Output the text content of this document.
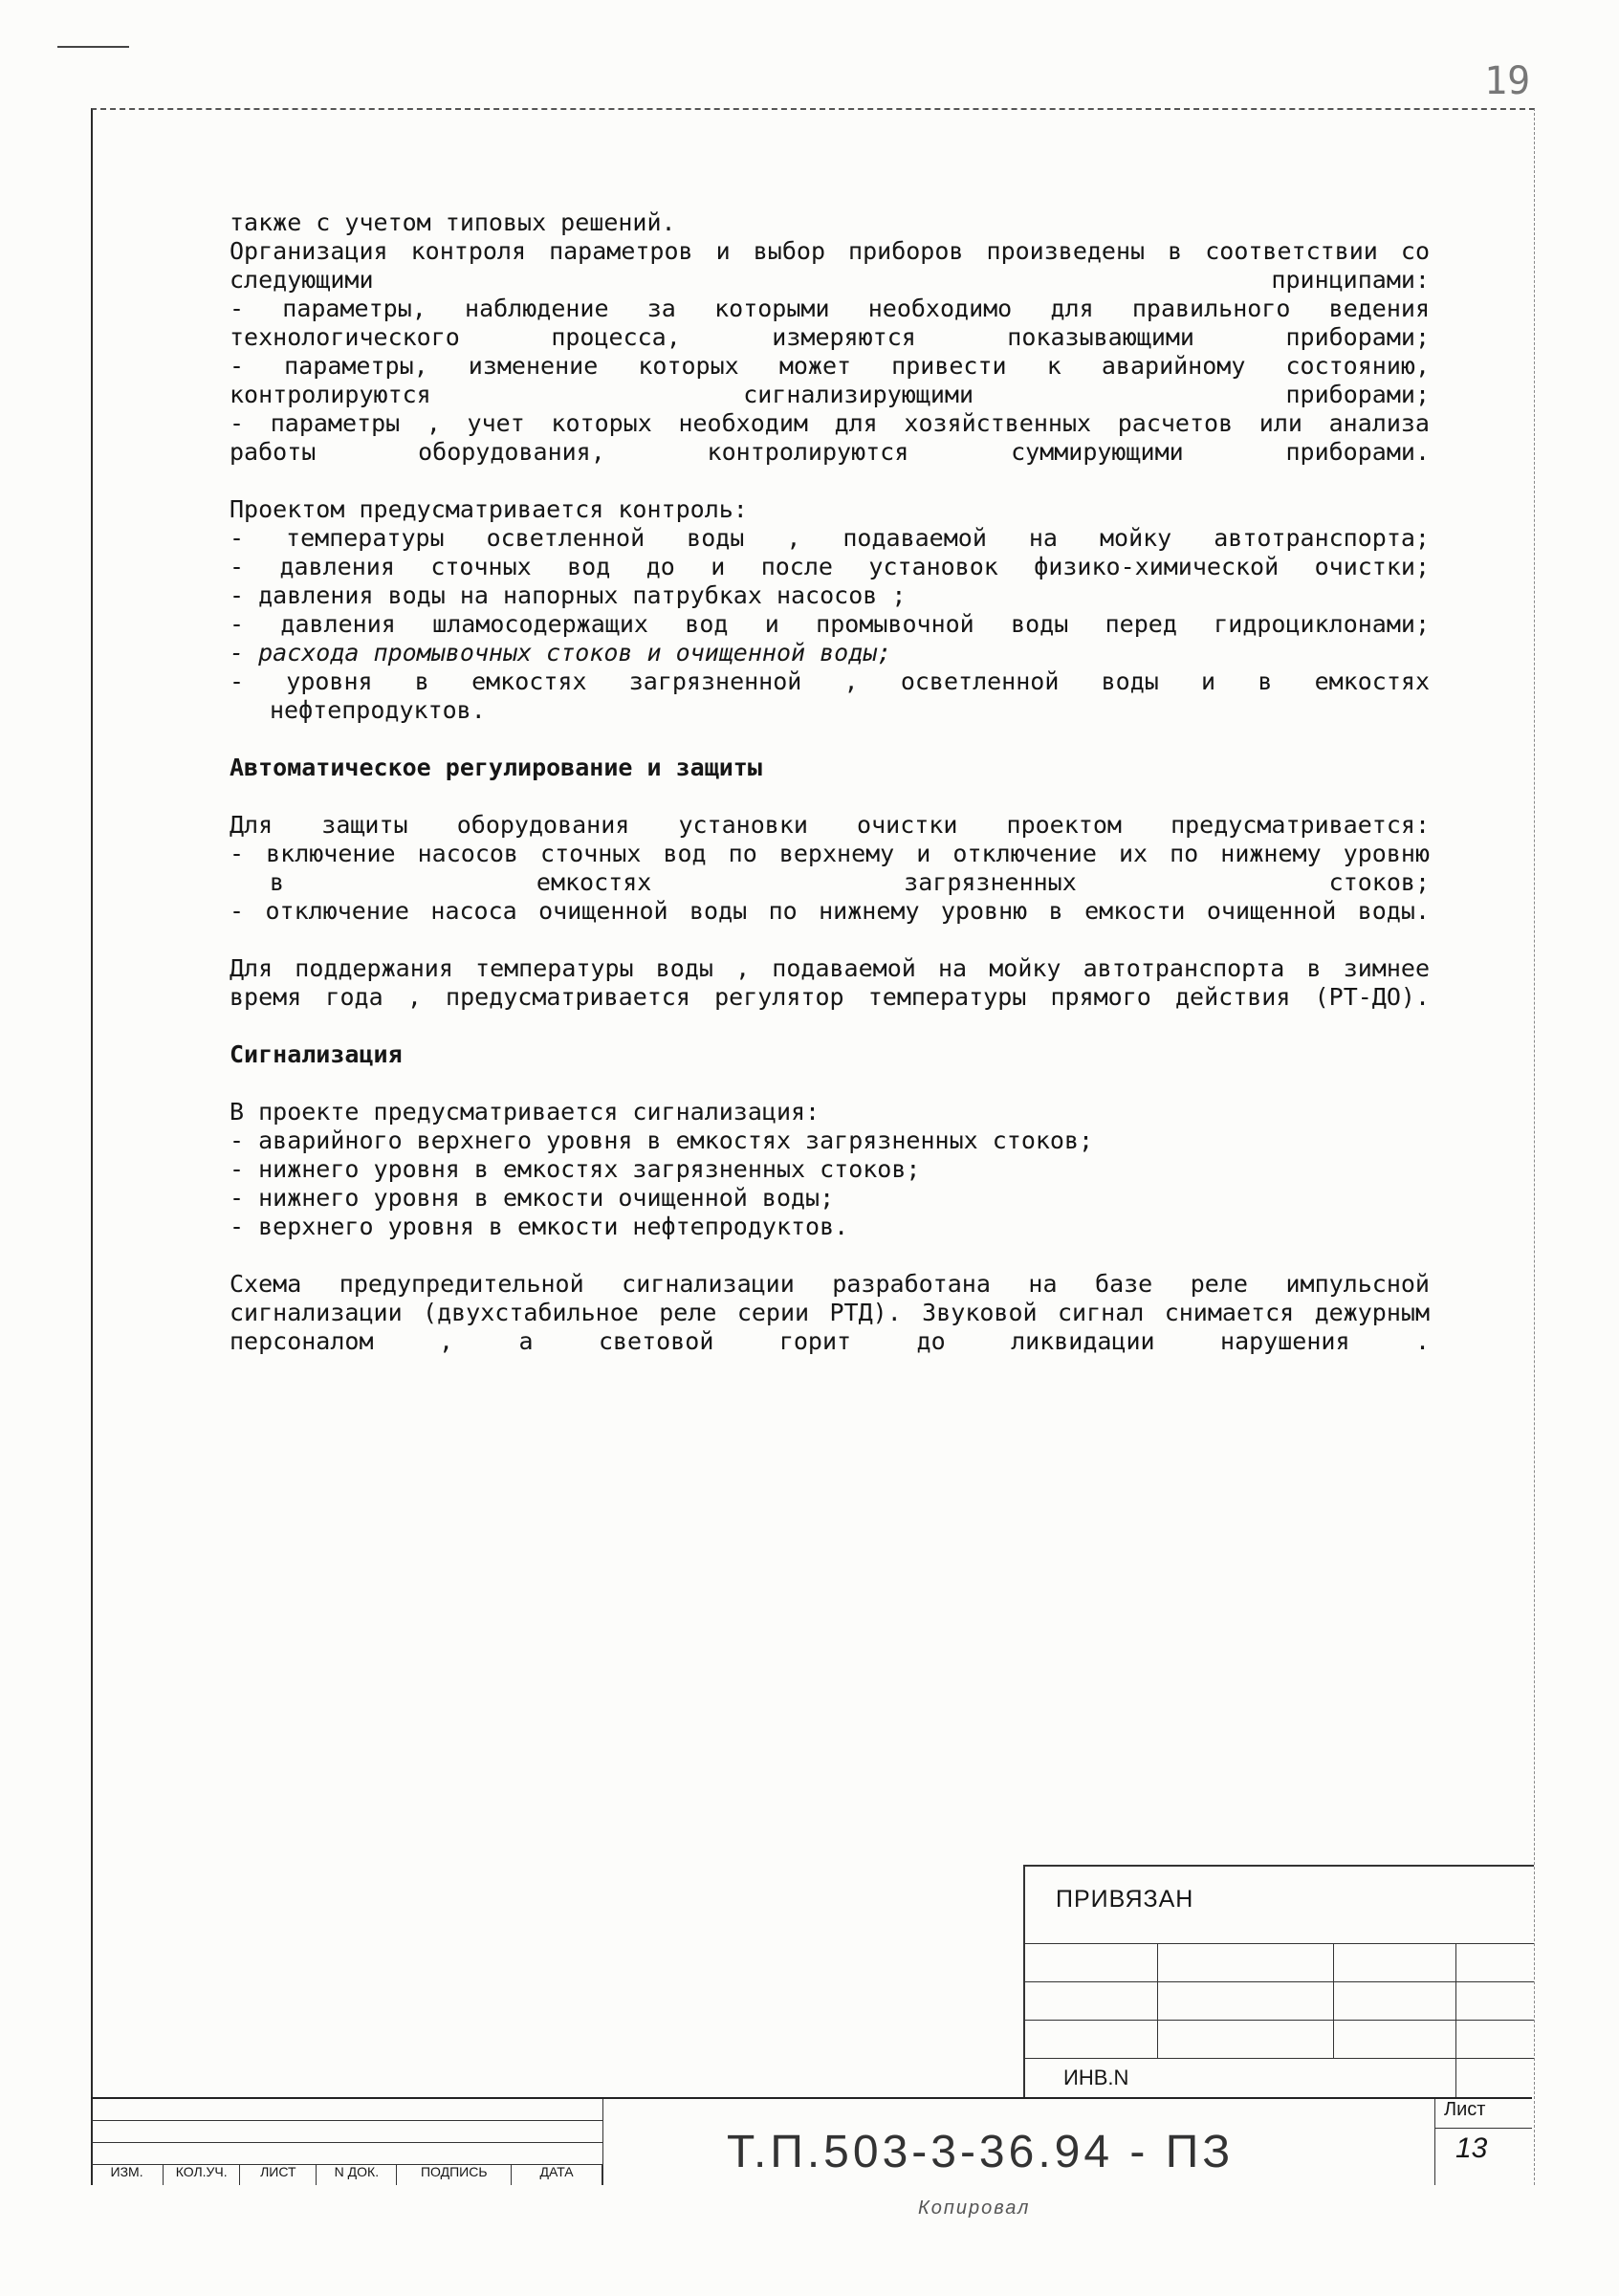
19

также с учетом типовых решений.

Организация контроля параметров и выбор приборов произведены в соответствии со следующими принципами:

- параметры, наблюдение за которыми необходимо для правильного ведения технологического процесса, измеряются показывающими приборами;

- параметры, изменение которых может привести к аварийному состоянию, контролируются сигнализирующими приборами;

- параметры , учет которых необходим для хозяйственных расчетов или анализа работы оборудования, контролируются суммирующими приборами.

Проектом предусматривается контроль:

- температуры осветленной воды , подаваемой на мойку автотранспорта;

- давления сточных вод до и после установок физико-химической очистки;

- давления воды на напорных патрубках насосов ;

- давления шламосодержащих вод и промывочной воды перед гидроциклонами;

- расхода промывочных стоков и очищенной воды;

- уровня в емкостях загрязненной , осветленной воды и в емкостях нефтепродуктов.

Автоматическое регулирование и защиты

Для защиты оборудования установки очистки проектом предусматривается:

- включение насосов сточных вод по верхнему и отключение их по нижнему уровню в емкостях загрязненных стоков;

- отключение насоса очищенной воды по нижнему уровню в емкости очищенной воды.

Для поддержания температуры воды , подаваемой на мойку автотранспорта в зимнее время года , предусматривается регулятор температуры прямого действия (РТ-ДО).

Сигнализация

В проекте предусматривается сигнализация:

- аварийного верхнего уровня в емкостях загрязненных стоков;

- нижнего уровня в емкостях загрязненных стоков;

- нижнего уровня в емкости очищенной воды;

- верхнего уровня в емкости нефтепродуктов.

Схема предупредительной сигнализации разработана на базе реле импульсной сигнализации (двухстабильное реле серии РТД). Звуковой сигнал снимается дежурным персоналом , а световой горит до ликвидации нарушения .

ПРИВЯЗАН
ИНВ.N
ИЗМ.	КОЛ.УЧ.	ЛИСТ	N ДОК.	ПОДПИСЬ	ДАТА	Т.П.503-3-36.94 - ПЗ
Лист
13
Копировал
